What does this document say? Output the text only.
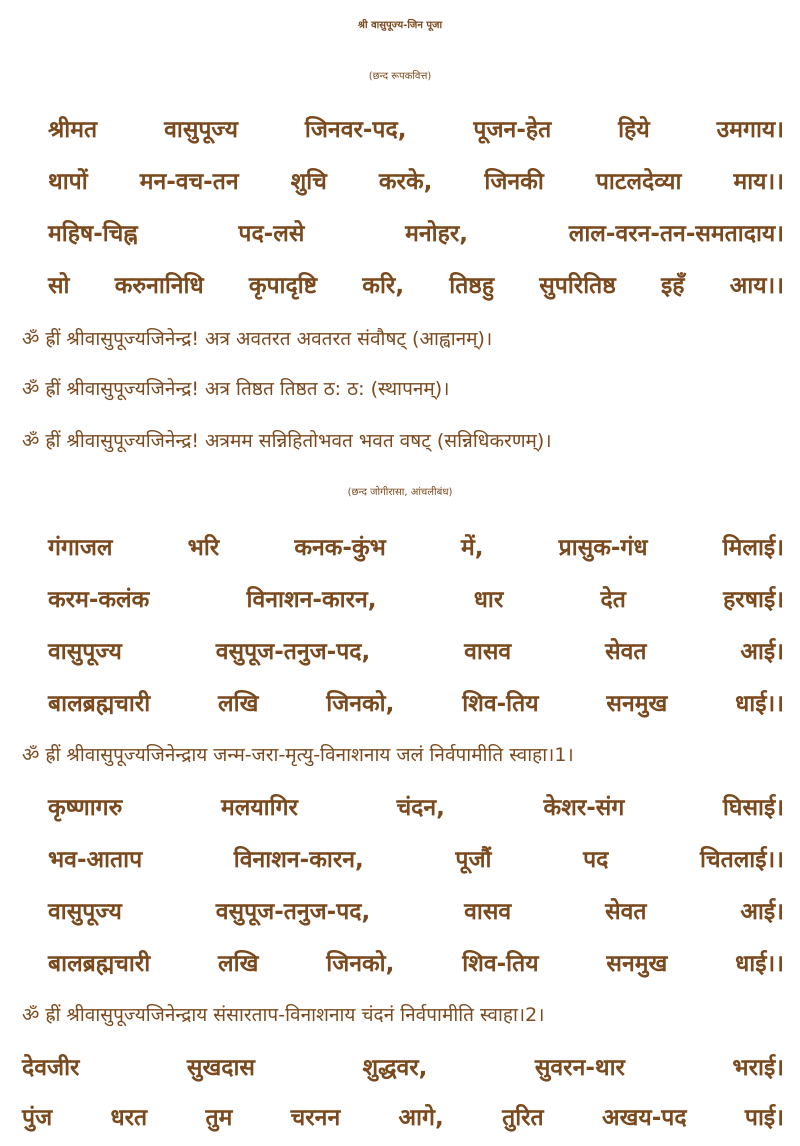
श्री वासुपूज्य-जिन पूजा
(छन्द रूपकवित्त)
श्रीमत	वासुपूज्य	जिनवर-पद,	पूजन-हेत	हिये	उमगाय।
थापों मन-वच-तन शुचि करके, जिनकी पाटलदेव्या माय।।
महिष-चिह्न	पद-लसे	मनोहर,	लाल-वरन-तन-समतादाय।
सो करुनानिधि कृपादृष्टि करि, तिष्ठहु सुपरितिष्ठ इहँ आय।।
ॐ ह्रीं श्रीवासुपूज्यजिनेन्द्र! अत्र अवतरत अवतरत संवौषट् (आह्वानम्)।
ॐ ह्रीं श्रीवासुपूज्यजिनेन्द्र! अत्र तिष्ठत तिष्ठत ठ: ठ: (स्थापनम्)।
ॐ ह्रीं श्रीवासुपूज्यजिनेन्द्र! अत्रमम सन्निहितोभवत भवत वषट् (सन्निधिकरणम्)।
(छन्द जोगीरासा, आंचलीबंध)
गंगाजल	भरि	कनक-कुंभ	में,	प्रासुक-गंध	मिलाई।
करम-कलंक	विनाशन-कारन,	धार	देत	हरषाई।
वासुपूज्य	वसुपूज-तनुज-पद,	वासव	सेवत	आई।
बालब्रह्मचारी	लखि	जिनको,	शिव-तिय	सनमुख	धाई।।
ॐ ह्रीं श्रीवासुपूज्यजिनेन्द्राय जन्म-जरा-मृत्यु-विनाशनाय जलं निर्वपामीति स्वाहा।1।
कृष्णागरु	मलयागिर	चंदन,	केशर-संग	घिसाई।
भव-आताप	विनाशन-कारन,	पूजौं	पद	चितलाई।।
वासुपूज्य	वसुपूज-तनुज-पद,	वासव	सेवत	आई।
बालब्रह्मचारी	लखि	जिनको,	शिव-तिय	सनमुख	धाई।।
ॐ ह्रीं श्रीवासुपूज्यजिनेन्द्राय संसारताप-विनाशनाय चंदनं निर्वपामीति स्वाहा।2।
देवजीर	सुखदास	शुद्धवर,	सुवरन-थार	भराई।
पुंज	धरत	तुम	चरनन	आगे,	तुरित	अखय-पद	पाई।
